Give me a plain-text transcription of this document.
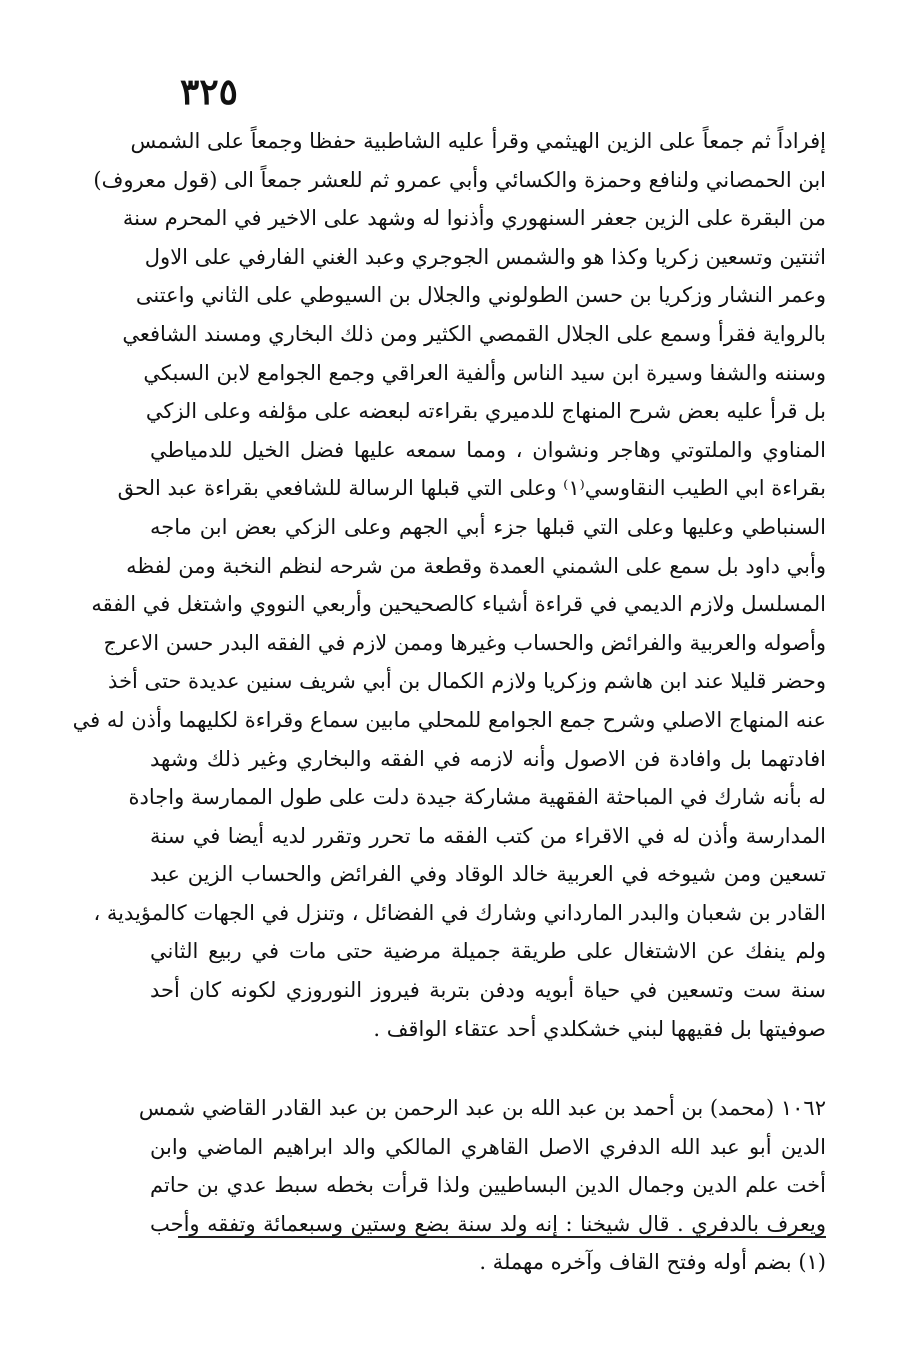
٣٢٥
إفراداً ثم جمعاً على الزين الهيثمي وقرأ عليه الشاطبية حفظا وجمعاً على الشمس
ابن الحمصاني ولنافع وحمزة والكسائي وأبي عمرو ثم للعشر جمعاً الى (قول معروف)
من البقرة على الزين جعفر السنهوري وأذنوا له وشهد على الاخير في المحرم سنة
اثنتين وتسعين زكريا وكذا هو والشمس الجوجري وعبد الغني الفارفي على الاول
وعمر النشار وزكريا بن حسن الطولوني والجلال بن السيوطي على الثاني واعتنى
بالرواية فقرأ وسمع على الجلال القمصي الكثير ومن ذلك البخاري ومسند الشافعي
وسننه والشفا وسيرة ابن سيد الناس وألفية العراقي وجمع الجوامع لابن السبكي
بل قرأ عليه بعض شرح المنهاج للدميري بقراءته لبعضه على مؤلفه وعلى الزكي
المناوي والملتوتي وهاجر ونشوان ، ومما سمعه عليها فضل الخيل للدمياطي
بقراءة ابي الطيب النقاوسي⁽١⁾ وعلى التي قبلها الرسالة للشافعي بقراءة عبد الحق
السنباطي وعليها وعلى التي قبلها جزء أبي الجهم وعلى الزكي بعض ابن ماجه
وأبي داود بل سمع على الشمني العمدة وقطعة من شرحه لنظم النخبة ومن لفظه
المسلسل ولازم الديمي في قراءة أشياء كالصحيحين وأربعي النووي واشتغل في الفقه
وأصوله والعربية والفرائض والحساب وغيرها وممن لازم في الفقه البدر حسن الاعرج
وحضر قليلا عند ابن هاشم وزكريا ولازم الكمال بن أبي شريف سنين عديدة حتى أخذ
عنه المنهاج الاصلي وشرح جمع الجوامع للمحلي مابين سماع وقراءة لكليهما وأذن له في
افادتهما بل وافادة فن الاصول وأنه لازمه في الفقه والبخاري وغير ذلك وشهد
له بأنه شارك في المباحثة الفقهية مشاركة جيدة دلت على طول الممارسة واجادة
المدارسة وأذن له في الاقراء من كتب الفقه ما تحرر وتقرر لديه أيضا في سنة
تسعين ومن شيوخه في العربية خالد الوقاد وفي الفرائض والحساب الزين عبد
القادر بن شعبان والبدر المارداني وشارك في الفضائل ، وتنزل في الجهات كالمؤيدية ،
ولم ينفك عن الاشتغال على طريقة جميلة مرضية حتى مات في ربيع الثاني
سنة ست وتسعين في حياة أبويه ودفن بتربة فيروز النوروزي لكونه كان أحد
صوفيتها بل فقيهها لبني خشكلدي أحد عتقاء الواقف .
١٠٦٢ (محمد) بن أحمد بن عبد الله بن عبد الرحمن بن عبد القادر القاضي شمس
الدين أبو عبد الله الدفري الاصل القاهري المالكي والد ابراهيم الماضي وابن
أخت علم الدين وجمال الدين البساطيين ولذا قرأت بخطه سبط عدي بن حاتم
ويعرف بالدفري . قال شيخنا : إنه ولد سنة بضع وستين وسبعمائة وتفقه وأحب
(١) بضم أوله وفتح القاف وآخره مهملة .
